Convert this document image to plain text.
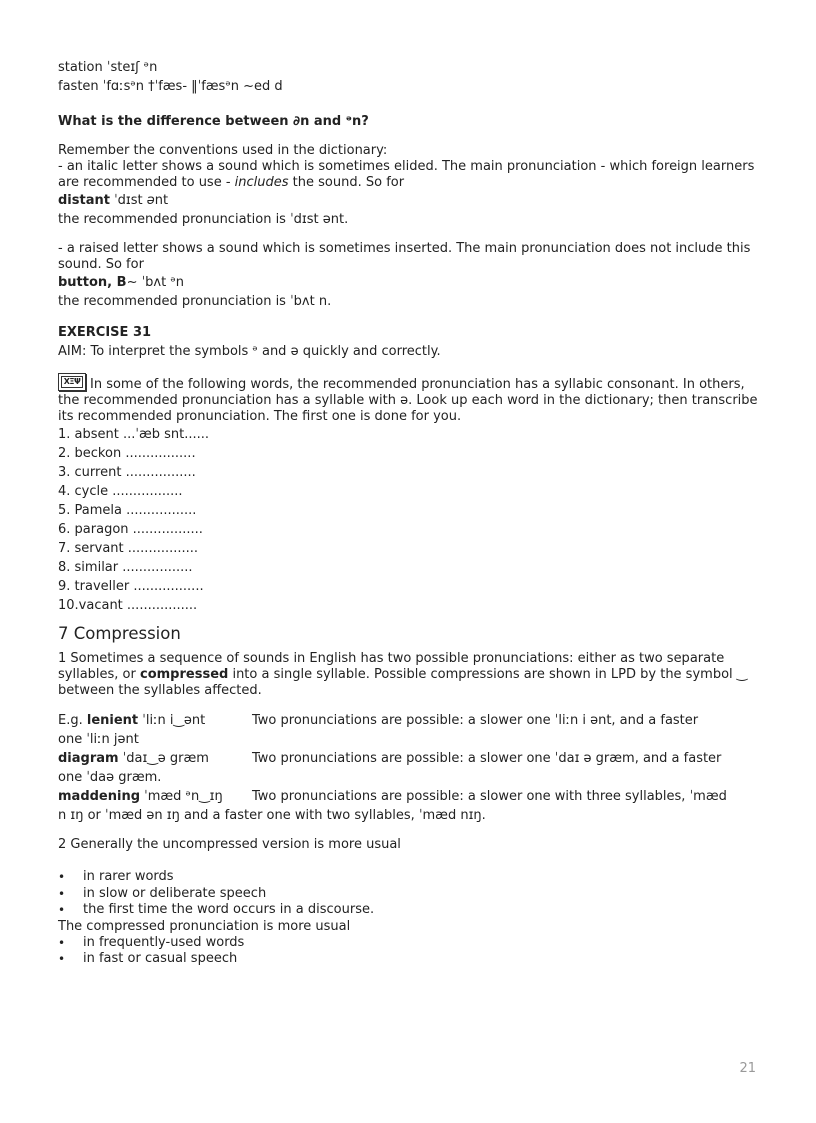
station ˈsteɪʃ ᵊn
fasten ˈfɑːsᵊn †ˈfæs- ‖ˈfæsᵊn ~ed d
What is the difference between ∂n and ᵊn?
Remember the conventions used in the dictionary:
- an italic letter shows a sound which is sometimes elided. The main pronunciation - which foreign learners are recommended to use - includes the sound. So for
distant ˈdɪst ənt
the recommended pronunciation is ˈdɪst ənt.
- a raised letter shows a sound which is sometimes inserted. The main pronunciation does not include this sound. So for
button, B~ ˈbʌt ᵊn
the recommended pronunciation is ˈbʌt n.
EXERCISE 31
AIM: To interpret the symbols ᵊ and ə quickly and correctly.
XΞΨ In some of the following words, the recommended pronunciation has a syllabic consonant. In others, the recommended pronunciation has a syllable with ə. Look up each word in the dictionary; then transcribe its recommended pronunciation. The first one is done for you.
1. absent ...ˈæb snt......
2. beckon .................
3. current .................
4. cycle .................
5. Pamela .................
6. paragon .................
7. servant .................
8. similar .................
9. traveller .................
10.vacant .................
7 Compression
1 Sometimes a sequence of sounds in English has two possible pronunciations: either as two separate syllables, or compressed into a single syllable. Possible compressions are shown in LPD by the symbol ‿ between the syllables affected.
E.g. lenient ˈliːn i‿ənt	Two pronunciations are possible: a slower one ˈliːn i ənt, and a faster
one ˈliːn jənt
diagram ˈdaɪ‿ə græm	Two pronunciations are possible: a slower one ˈdaɪ ə græm, and a faster
one ˈdaə græm.
maddening ˈmæd ᵊn‿ɪŋ	Two pronunciations are possible: a slower one with three syllables, ˈmæd
n ɪŋ or ˈmæd ən ɪŋ and a faster one with two syllables, ˈmæd nɪŋ.
2 Generally the uncompressed version is more usual
• in rarer words
• in slow or deliberate speech
• the first time the word occurs in a discourse.
The compressed pronunciation is more usual
• in frequently-used words
• in fast or casual speech
21
